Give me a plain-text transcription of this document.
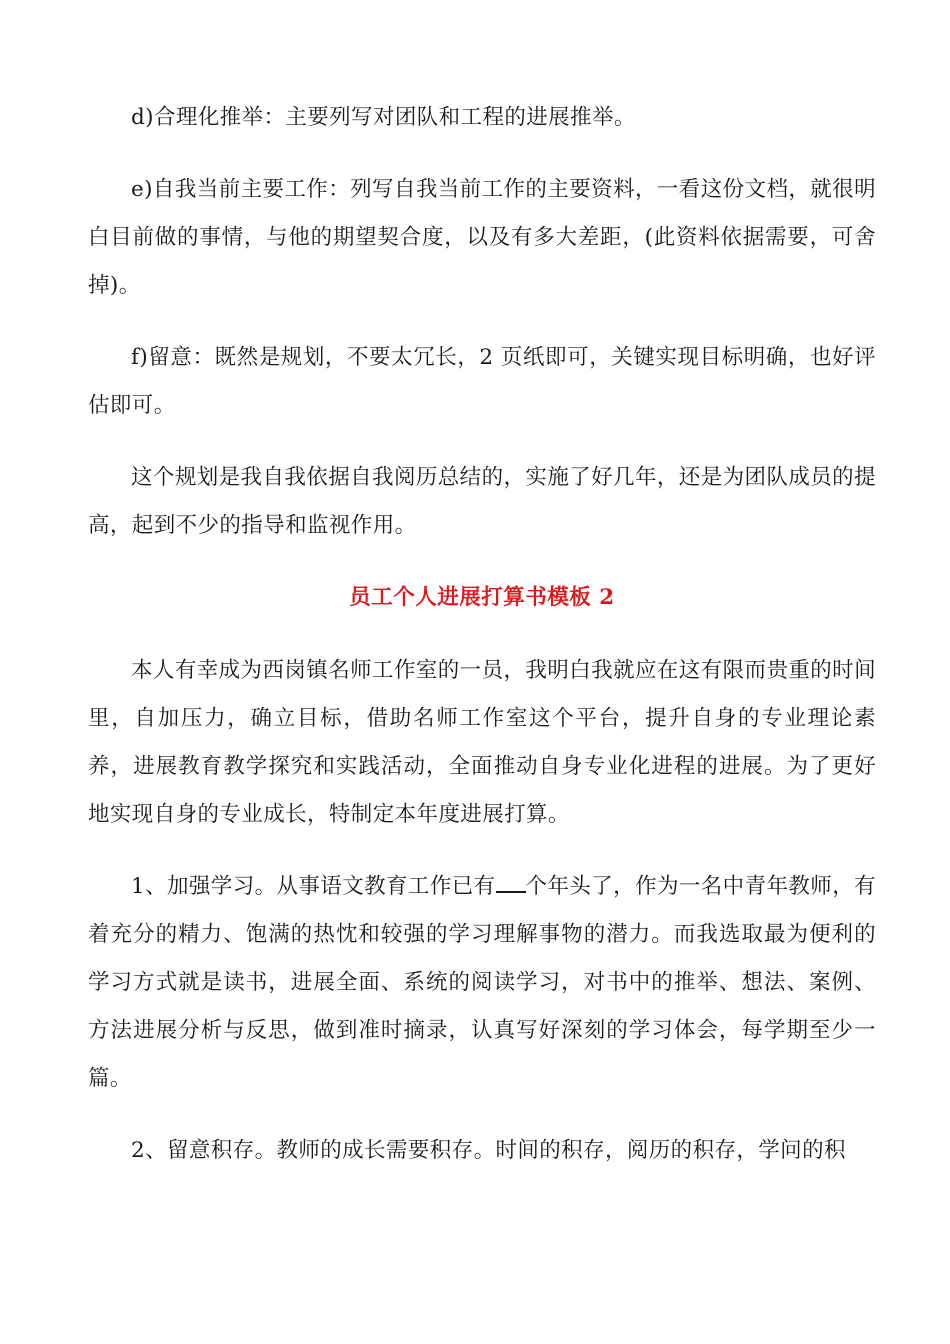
d)合理化推举：主要列写对团队和工程的进展推举。

e)自我当前主要工作：列写自我当前工作的主要资料，一看这份文档，就很明白目前做的事情，与他的期望契合度，以及有多大差距，(此资料依据需要，可舍掉)。

f)留意：既然是规划，不要太冗长，2 页纸即可，关键实现目标明确，也好评估即可。

这个规划是我自我依据自我阅历总结的，实施了好几年，还是为团队成员的提高，起到不少的指导和监视作用。

员工个人进展打算书模板 2

本人有幸成为西岗镇名师工作室的一员，我明白我就应在这有限而贵重的时间里，自加压力，确立目标，借助名师工作室这个平台，提升自身的专业理论素养，进展教育教学探究和实践活动，全面推动自身专业化进程的进展。为了更好地实现自身的专业成长，特制定本年度进展打算。

1、加强学习。从事语文教育工作已有 个年头了，作为一名中青年教师，有着充分的精力、饱满的热忱和较强的学习理解事物的潜力。而我选取最为便利的学习方式就是读书，进展全面、系统的阅读学习，对书中的推举、想法、案例、方法进展分析与反思，做到准时摘录，认真写好深刻的学习体会，每学期至少一篇。

2、留意积存。教师的成长需要积存。时间的积存，阅历的积存，学问的积
